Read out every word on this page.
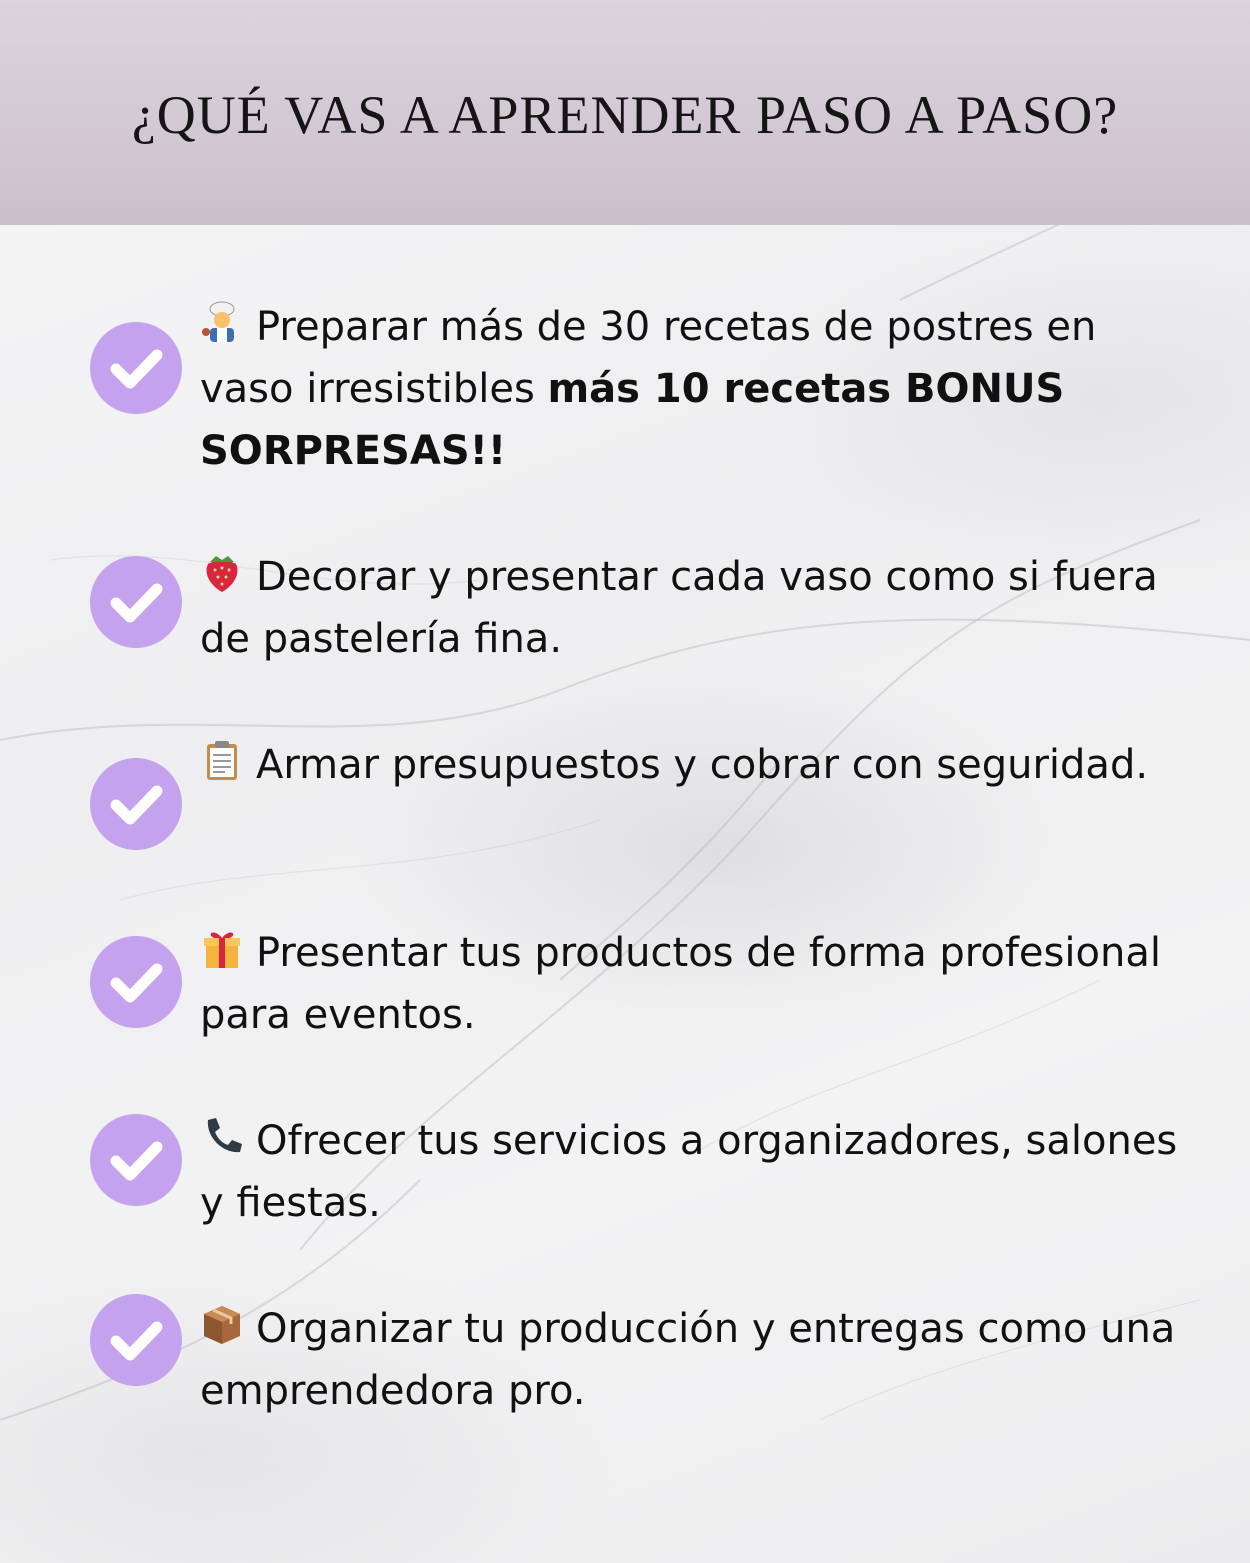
¿QUÉ VAS A APRENDER PASO A PASO?
Preparar más de 30 recetas de postres en vaso irresistibles más 10 recetas BONUS SORPRESAS!!
Decorar y presentar cada vaso como si fuera de pastelería fina.
Armar presupuestos y cobrar con seguridad.
Presentar tus productos de forma profesional para eventos.
Ofrecer tus servicios a organizadores, salones y fiestas.
Organizar tu producción y entregas como una emprendedora pro.
